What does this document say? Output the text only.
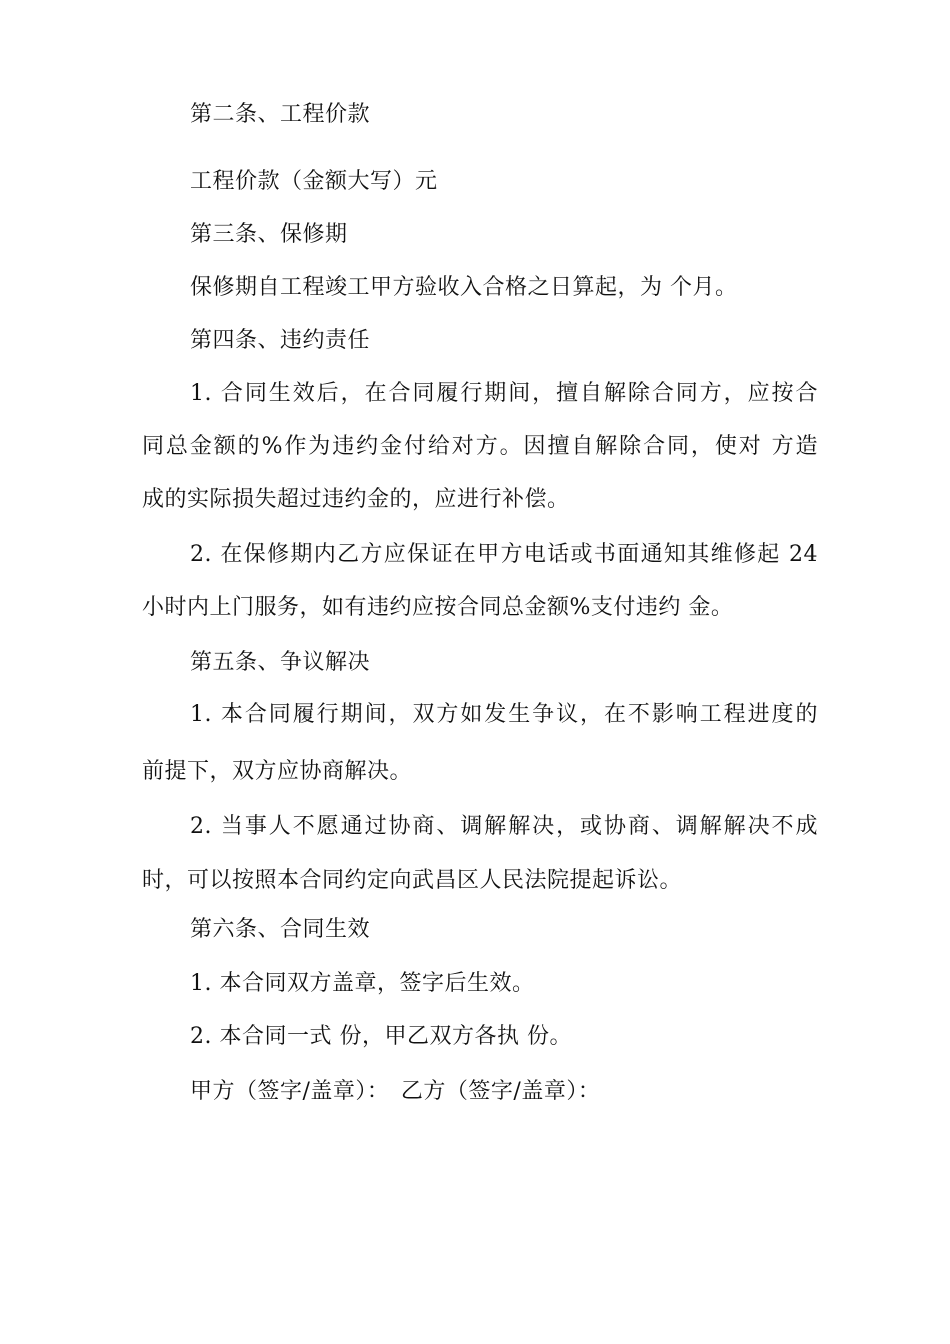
第二条、工程价款
工程价款（金额大写）元
第三条、保修期
保修期自工程竣工甲方验收入合格之日算起，为 个月。
第四条、违约责任
1. 合同生效后，在合同履行期间，擅自解除合同方，应按合
同总金额的%作为违约金付给对方。因擅自解除合同，使对 方造
成的实际损失超过违约金的，应进行补偿。
2. 在保修期内乙方应保证在甲方电话或书面通知其维修起 24
小时内上门服务，如有违约应按合同总金额%支付违约 金。
第五条、争议解决
1. 本合同履行期间，双方如发生争议，在不影响工程进度的
前提下，双方应协商解决。
2. 当事人不愿通过协商、调解解决，或协商、调解解决不成
时，可以按照本合同约定向武昌区人民法院提起诉讼。
第六条、合同生效
1. 本合同双方盖章，签字后生效。
2. 本合同一式 份，甲乙双方各执 份。
甲方（签字/盖章）：　乙方（签字/盖章）：
